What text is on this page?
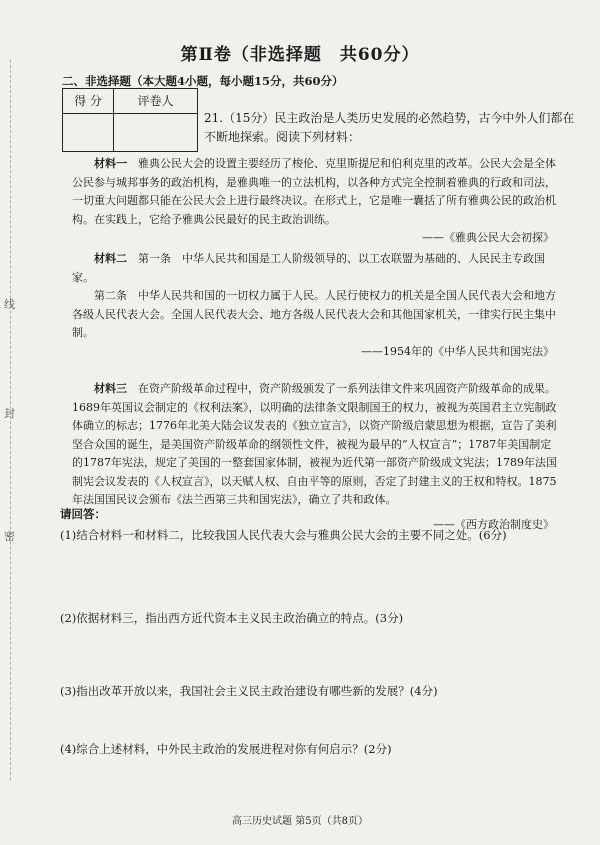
线
封
密
第Ⅱ卷（非选择题　共60分）
二、非选择题（本大题4小题，每小题15分，共60分）
得 分	评卷人
21.（15分）民主政治是人类历史发展的必然趋势，古今中外人们都在
不断地探索。阅读下列材料：

材料一　 雅典公民大会的设置主要经历了梭伦、克里斯提尼和伯利克里的改革。公民大会是全体公民参与城邦事务的政治机构，是雅典唯一的立法机构，以各种方式完全控制着雅典的行政和司法，一切重大问题都只能在公民大会上进行最终决议。在形式上，它是唯一囊括了所有雅典公民的政治机构。在实践上，它给予雅典公民最好的民主政治训练。

——《雅典公民大会初探》

材料二　 第一条　中华人民共和国是工人阶级领导的、以工农联盟为基础的、人民民主专政国家。

第二条　中华人民共和国的一切权力属于人民。人民行使权力的机关是全国人民代表大会和地方各级人民代表大会。全国人民代表大会、地方各级人民代表大会和其他国家机关，一律实行民主集中制。

——1954年的《中华人民共和国宪法》

材料三　 在资产阶级革命过程中，资产阶级颁发了一系列法律文件来巩固资产阶级革命的成果。1689年英国议会制定的《权利法案》，以明确的法律条文限制国王的权力，被视为英国君主立宪制政体确立的标志；1776年北美大陆会议发表的《独立宣言》，以资产阶级启蒙思想为根据，宣告了美利坚合众国的诞生，是美国资产阶级革命的纲领性文件，被视为最早的“人权宣言”；1787年美国制定的1787年宪法，规定了美国的一整套国家体制，被视为近代第一部资产阶级成文宪法；1789年法国制宪会议发表的《人权宣言》，以天赋人权、自由平等的原则，否定了封建主义的王权和特权。1875年法国国民议会颁布《法兰西第三共和国宪法》，确立了共和政体。

——《西方政治制度史》

请回答：
(1)结合材料一和材料二，比较我国人民代表大会与雅典公民大会的主要不同之处。(6分)
(2)依据材料三，指出西方近代资本主义民主政治确立的特点。(3分)
(3)指出改革开放以来，我国社会主义民主政治建设有哪些新的发展？(4分)
(4)综合上述材料，中外民主政治的发展进程对你有何启示？(2分)
高三历史试题 第5页（共8页）
